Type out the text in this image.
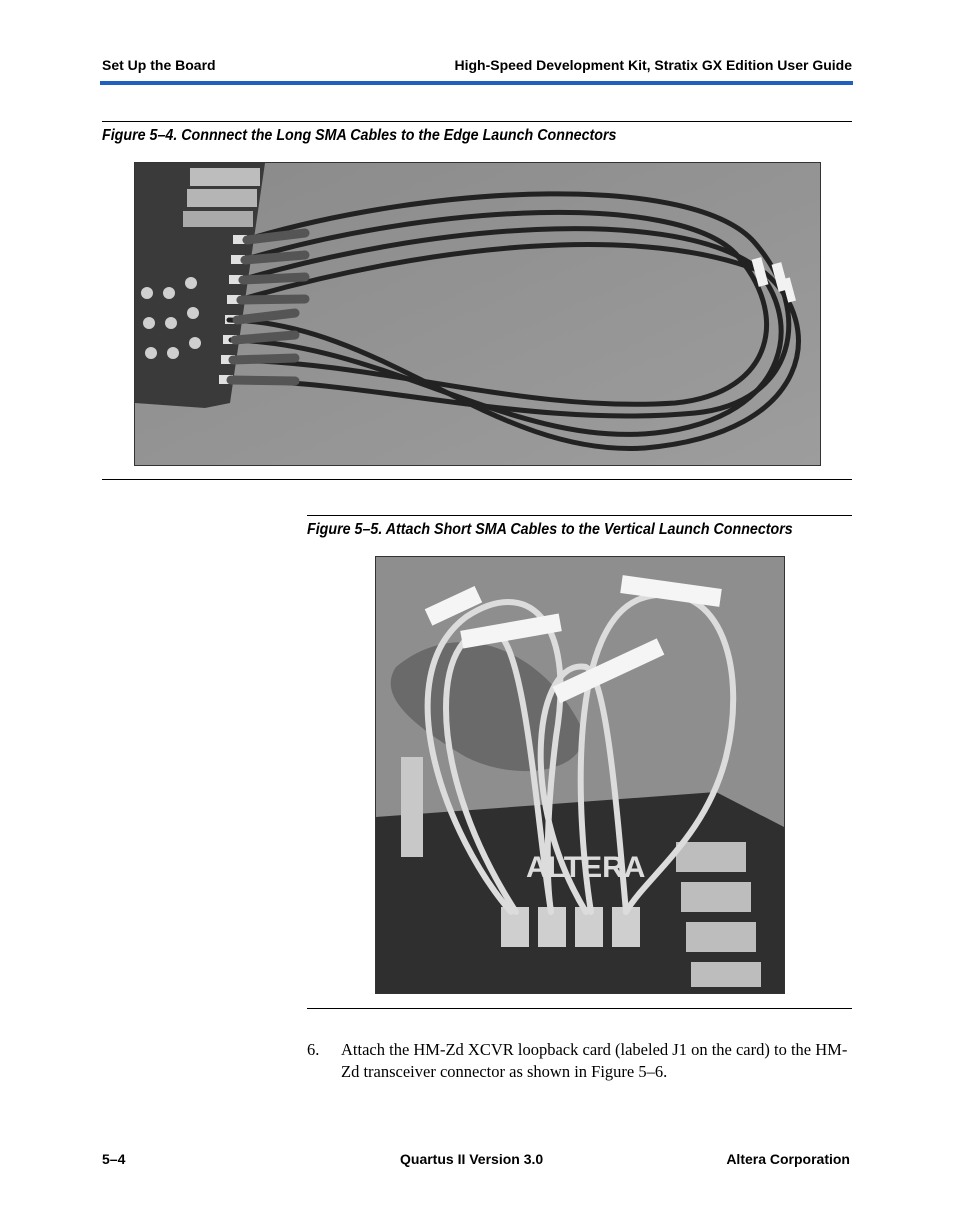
Set Up the Board	High-Speed Development Kit, Stratix GX Edition User Guide
Figure 5–4. Connnect the Long SMA Cables to the Edge Launch Connectors
Figure 5–5. Attach Short SMA Cables to the Vertical Launch Connectors
ALTERA
6. Attach the HM-Zd XCVR loopback card (labeled J1 on the card) to the HM-Zd transceiver connector as shown in Figure 5–6.
5–4	Quartus II Version 3.0	Altera Corporation
